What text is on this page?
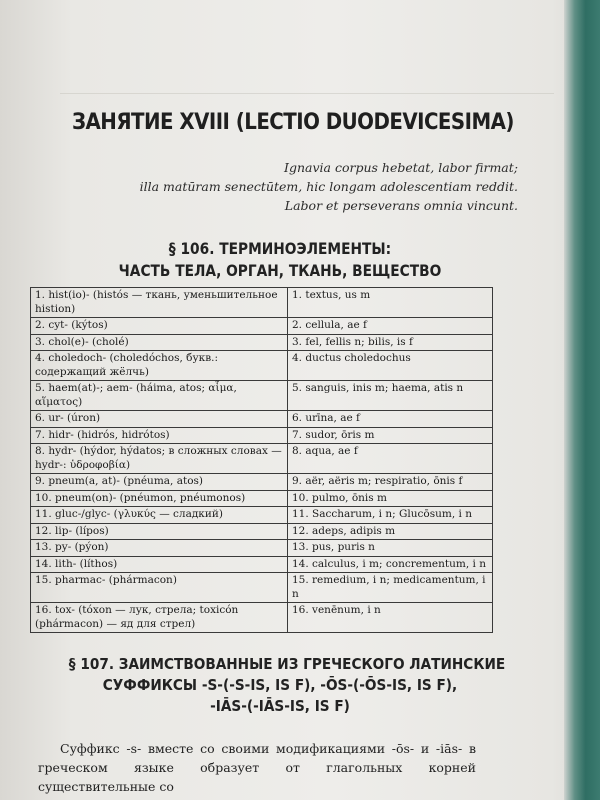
ЗАНЯТИЕ XVIII (LECTIO DUODEVICESIMA)
Ignavia corpus hebetat, labor firmat;
illa matūram senectūtem, hic longam adolescentiam reddit.
Labor et perseverans omnia vincunt.
§ 106. ТЕРМИНОЭЛЕМЕНТЫ:
ЧАСТЬ ТЕЛА, ОРГАН, ТКАНЬ, ВЕЩЕСТВО
1. hist(io)- (histós — ткань, уменьшительное histion)	1. textus, us m
2. cyt- (kýtos)	2. cellula, ae f
3. chol(e)- (cholé)	3. fel, fellis n; bilis, is f
4. choledoch- (choledóchos, букв.: содержащий жёлчь)	4. ductus choledochus
5. haem(at)-; aem- (háima, atos; αἷμα, αἵματος)	5. sanguis, inis m; haema, atis n
6. ur- (úron)	6. urīna, ae f
7. hidr- (hidrós, hidrótos)	7. sudor, ōris m
8. hydr- (hýdor, hýdatos; в сложных словах — hydr-: ὑδροφοβία)	8. aqua, ae f
9. pneum(a, at)- (pnéuma, atos)	9. aër, aëris m; respiratio, ōnis f
10. pneum(on)- (pnéumon, pnéumonos)	10. pulmo, ōnis m
11. gluc-/glyc- (γλυκύς — сладкий)	11. Saccharum, i n; Glucōsum, i n
12. lip- (lípos)	12. adeps, adipis m
13. py- (pýon)	13. pus, puris n
14. lith- (líthos)	14. calculus, i m; concrementum, i n
15. pharmac- (phármacon)	15. remedium, i n; medicamentum, i n
16. tox- (tóxon — лук, стрела; toxicón (phármacon) — яд для стрел)	16. venēnum, i n
§ 107. ЗАИМСТВОВАННЫЕ ИЗ ГРЕЧЕСКОГО ЛАТИНСКИЕ
СУФФИКСЫ -S-(-S-IS, IS F), -ŌS-(-ŌS-IS, IS F),
-IĀS-(-IĀS-IS, IS F)

Суффикс -s- вместе со своими модификациями -ōs- и -iās- в греческом языке образует от глагольных корней существительные со
